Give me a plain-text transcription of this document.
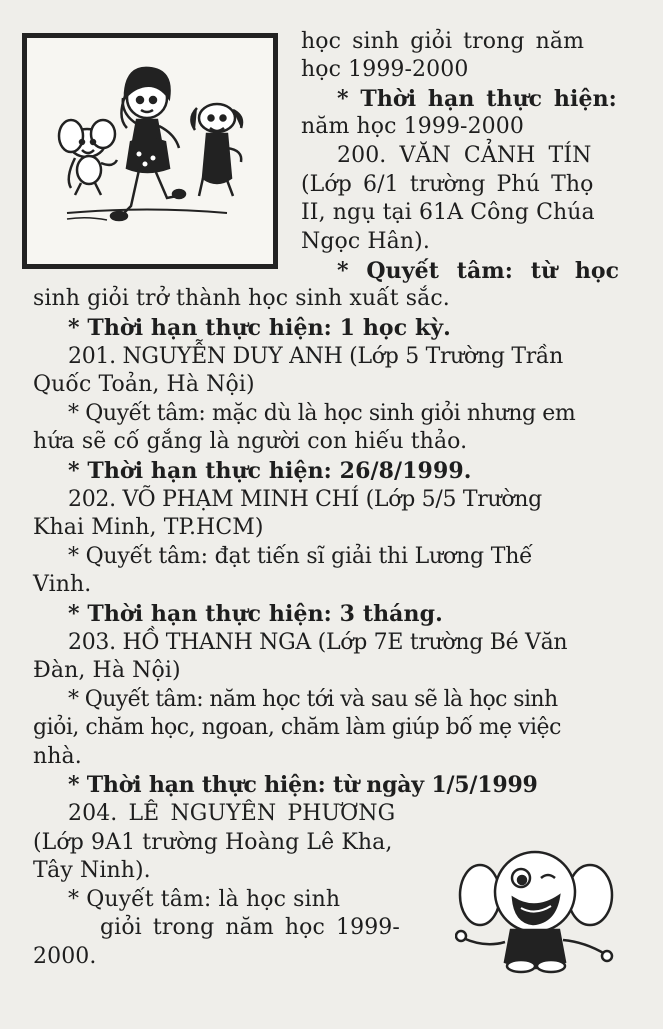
học sinh giỏi trong năm
học 1999-2000
* Thời hạn thực hiện:
năm học 1999-2000
200. VĂN CẢNH TÍN
(Lớp 6/1 trường Phú Thọ
II, ngụ tại 61A Công Chúa
Ngọc Hân).
* Quyết tâm: từ học
sinh giỏi trở thành học sinh xuất sắc.
* Thời hạn thực hiện: 1 học kỳ.
201. NGUYỄN DUY ANH (Lớp 5 Trường Trần
Quốc Toản, Hà Nội)
* Quyết tâm: mặc dù là học sinh giỏi nhưng em
hứa sẽ cố gắng là người con hiếu thảo.
* Thời hạn thực hiện: 26/8/1999.
202. VÕ PHẠM MINH CHÍ (Lớp 5/5 Trường
Khai Minh, TP.HCM)
* Quyết tâm: đạt tiến sĩ giải thi Lương Thế
Vinh.
* Thời hạn thực hiện: 3 tháng.
203. HỒ THANH NGA (Lớp 7E trường Bé Văn
Đàn, Hà Nội)
* Quyết tâm: năm học tới và sau sẽ là học sinh
giỏi, chăm học, ngoan, chăm làm giúp bố mẹ việc
nhà.
* Thời hạn thực hiện: từ ngày 1/5/1999
204. LÊ NGUYÊN PHƯƠNG
(Lớp 9A1 trường Hoàng Lê Kha,
Tây Ninh).
* Quyết tâm: là học sinh
giỏi trong năm học 1999-
2000.
